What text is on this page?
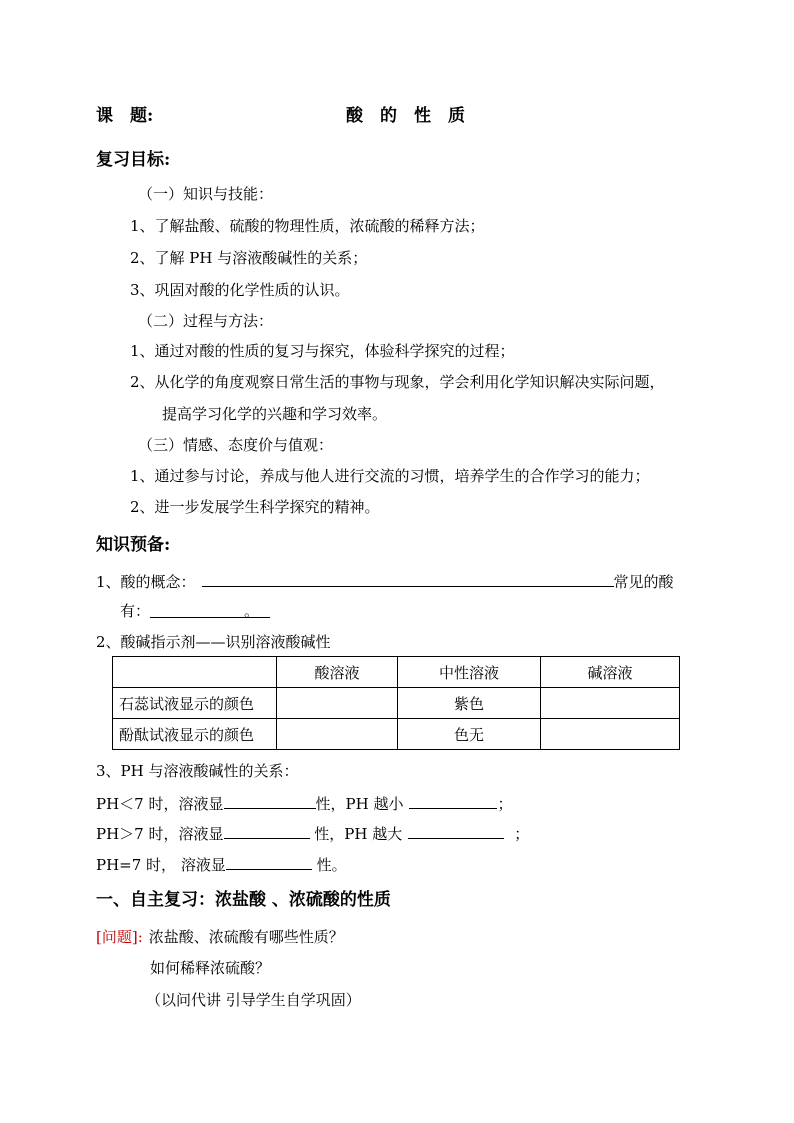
课　题:	酸　的　性　质
复习目标:
（一）知识与技能：
1、了解盐酸、硫酸的物理性质，浓硫酸的稀释方法；
2、了解 PH 与溶液酸碱性的关系；
3、巩固对酸的化学性质的认识。
（二）过程与方法：
1、通过对酸的性质的复习与探究，体验科学探究的过程；
2、从化学的角度观察日常生活的事物与现象，学会利用化学知识解决实际问题，
提高学习化学的兴趣和学习效率。
（三）情感、态度价与值观：
1、通过参与讨论，养成与他人进行交流的习惯，培养学生的合作学习的能力；
2、进一步发展学生科学探究的精神。
知识预备:
1、酸的概念：	常见的酸
有：	。
2、酸碱指示剂——识别溶液酸碱性
	酸溶液	中性溶液	碱溶液
石蕊试液显示的颜色		紫色	
酚酞试液显示的颜色		色无	
3、PH 与溶液酸碱性的关系：
PH＜7 时，溶液显	性，PH 越小	；
PH＞7 时，溶液显	性，PH 越大	；
PH=7 时， 溶液显	性。
一、自主复习：浓盐酸 、浓硫酸的性质
[问题]: 浓盐酸、浓硫酸有哪些性质？
如何稀释浓硫酸？
（以问代讲 引导学生自学巩固）
